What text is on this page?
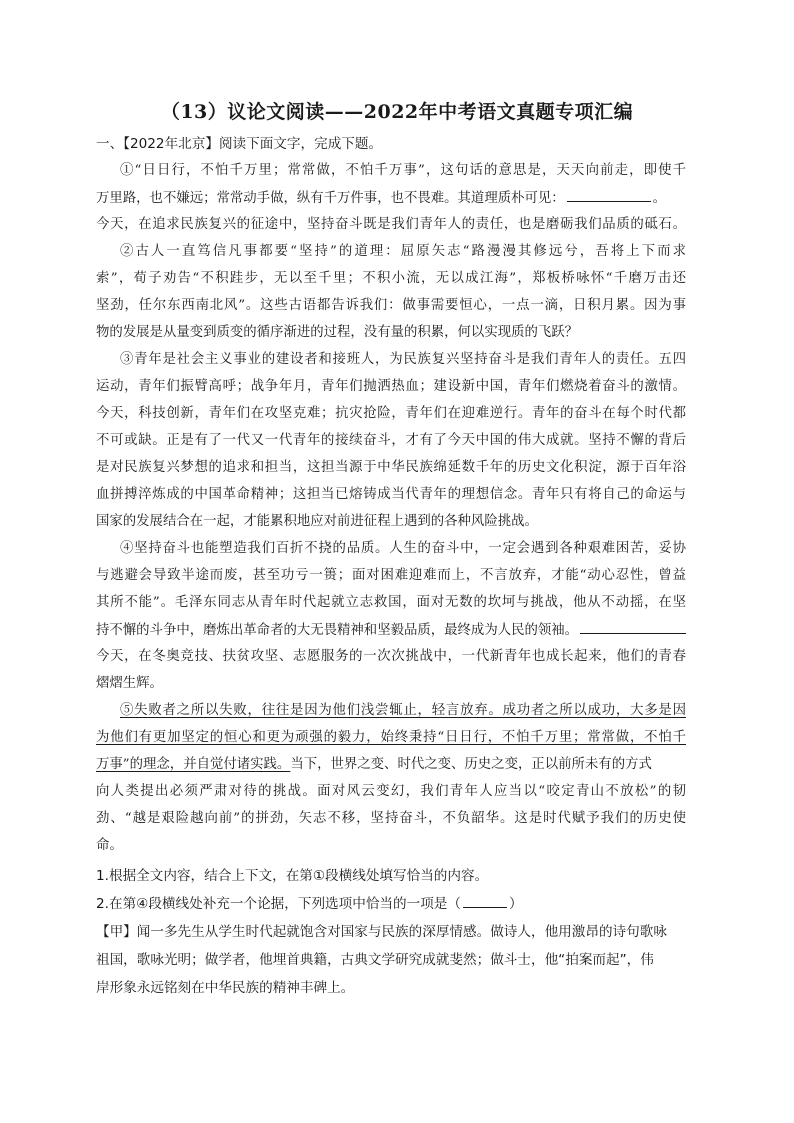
（13）议论文阅读——2022年中考语文真题专项汇编
一、【2022年北京】阅读下面文字，完成下题。
①“日日行，不怕千万里；常常做，不怕千万事”，这句话的意思是，天天向前走，即使千
万里路，也不嫌远；常常动手做，纵有千万件事，也不畏难。其道理质朴可见：	。
今天，在追求民族复兴的征途中，坚持奋斗既是我们青年人的责任，也是磨砺我们品质的砥石。
②古人一直笃信凡事都要“坚持”的道理：屈原矢志“路漫漫其修远兮，吾将上下而求
索”，荀子劝告“不积跬步，无以至千里；不积小流，无以成江海”，郑板桥咏怀“千磨万击还
坚劲，任尔东西南北风”。这些古语都告诉我们：做事需要恒心，一点一滴，日积月累。因为事
物的发展是从量变到质变的循序渐进的过程，没有量的积累，何以实现质的飞跃？
③青年是社会主义事业的建设者和接班人，为民族复兴坚持奋斗是我们青年人的责任。五四
运动，青年们振臂高呼；战争年月，青年们抛洒热血；建设新中国，青年们燃烧着奋斗的激情。
今天，科技创新，青年们在攻坚克难；抗灾抢险，青年们在迎难逆行。青年的奋斗在每个时代都
不可或缺。正是有了一代又一代青年的接续奋斗，才有了今天中国的伟大成就。坚持不懈的背后
是对民族复兴梦想的追求和担当，这担当源于中华民族绵延数千年的历史文化积淀，源于百年浴
血拼搏淬炼成的中国革命精神；这担当已熔铸成当代青年的理想信念。青年只有将自己的命运与
国家的发展结合在一起，才能累积地应对前进征程上遇到的各种风险挑战。
④坚持奋斗也能塑造我们百折不挠的品质。人生的奋斗中，一定会遇到各种艰难困苦，妥协
与逃避会导致半途而废，甚至功亏一篑；面对困难迎难而上，不言放弃，才能“动心忍性，曾益
其所不能”。毛泽东同志从青年时代起就立志救国，面对无数的坎坷与挑战，他从不动摇，在坚
持不懈的斗争中，磨炼出革命者的大无畏精神和坚毅品质，最终成为人民的领袖。
今天，在冬奥竞技、扶贫攻坚、志愿服务的一次次挑战中，一代新青年也成长起来，他们的青春
熠熠生辉。
⑤失败者之所以失败，往往是因为他们浅尝辄止，轻言放弃。成功者之所以成功，大多是因
为他们有更加坚定的恒心和更为顽强的毅力，始终秉持“日日行，不怕千万里；常常做，不怕千
万事”的理念，并自觉付诸实践。当下，世界之变、时代之变、历史之变，正以前所未有的方式
向人类提出必须严肃对待的挑战。面对风云变幻，我们青年人应当以“咬定青山不放松”的韧
劲、“越是艰险越向前”的拼劲，矢志不移，坚持奋斗，不负韶华。这是时代赋予我们的历史使
命。
1.根据全文内容，结合上下文，在第①段横线处填写恰当的内容。
2.在第④段横线处补充一个论据，下列选项中恰当的一项是（	）
【甲】闻一多先生从学生时代起就饱含对国家与民族的深厚情感。做诗人，他用激昂的诗句歌咏
祖国，歌咏光明；做学者，他埋首典籍，古典文学研究成就斐然；做斗士，他“拍案而起”，伟
岸形象永远铭刻在中华民族的精神丰碑上。
